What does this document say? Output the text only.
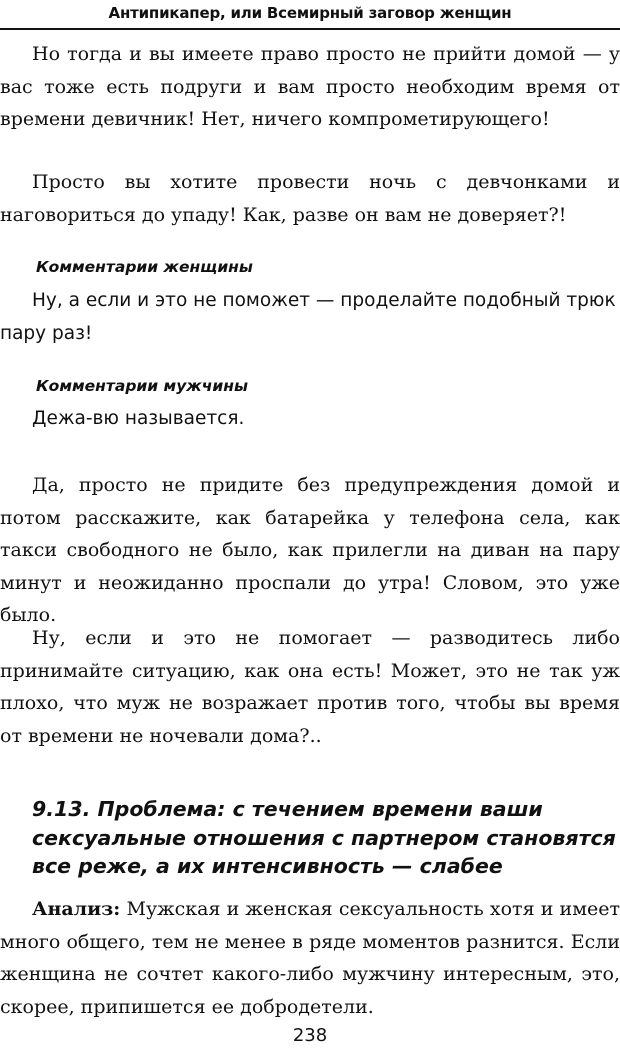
Антипикапер, или Всемирный заговор женщин

Но тогда и вы имеете право просто не прийти домой — у вас тоже есть подруги и вам просто необходим время от времени девичник! Нет, ничего компрометирующего!

Просто вы хотите провести ночь с девчонками и наговориться до упаду! Как, разве он вам не доверяет?!

Комментарии женщины

Ну, а если и это не поможет — проделайте подобный трюк пару раз!

Комментарии мужчины

Дежа-вю называется.

Да, просто не придите без предупреждения домой и потом расскажите, как батарейка у телефона села, как такси свободного не было, как прилегли на диван на пару минут и неожиданно проспали до утра! Словом, это уже было.

Ну, если и это не помогает — разводитесь либо принимайте ситуацию, как она есть! Может, это не так уж плохо, что муж не возражает против того, чтобы вы время от времени не ночевали дома?..

9.13. Проблема: с течением времени ваши
сексуальные отношения с партнером становятся
все реже, а их интенсивность — слабее

Анализ: Мужская и женская сексуальность хотя и имеет много общего, тем не менее в ряде моментов разнится. Если женщина не сочтет какого-либо мужчину интересным, это, скорее, припишется ее добродетели.

238
